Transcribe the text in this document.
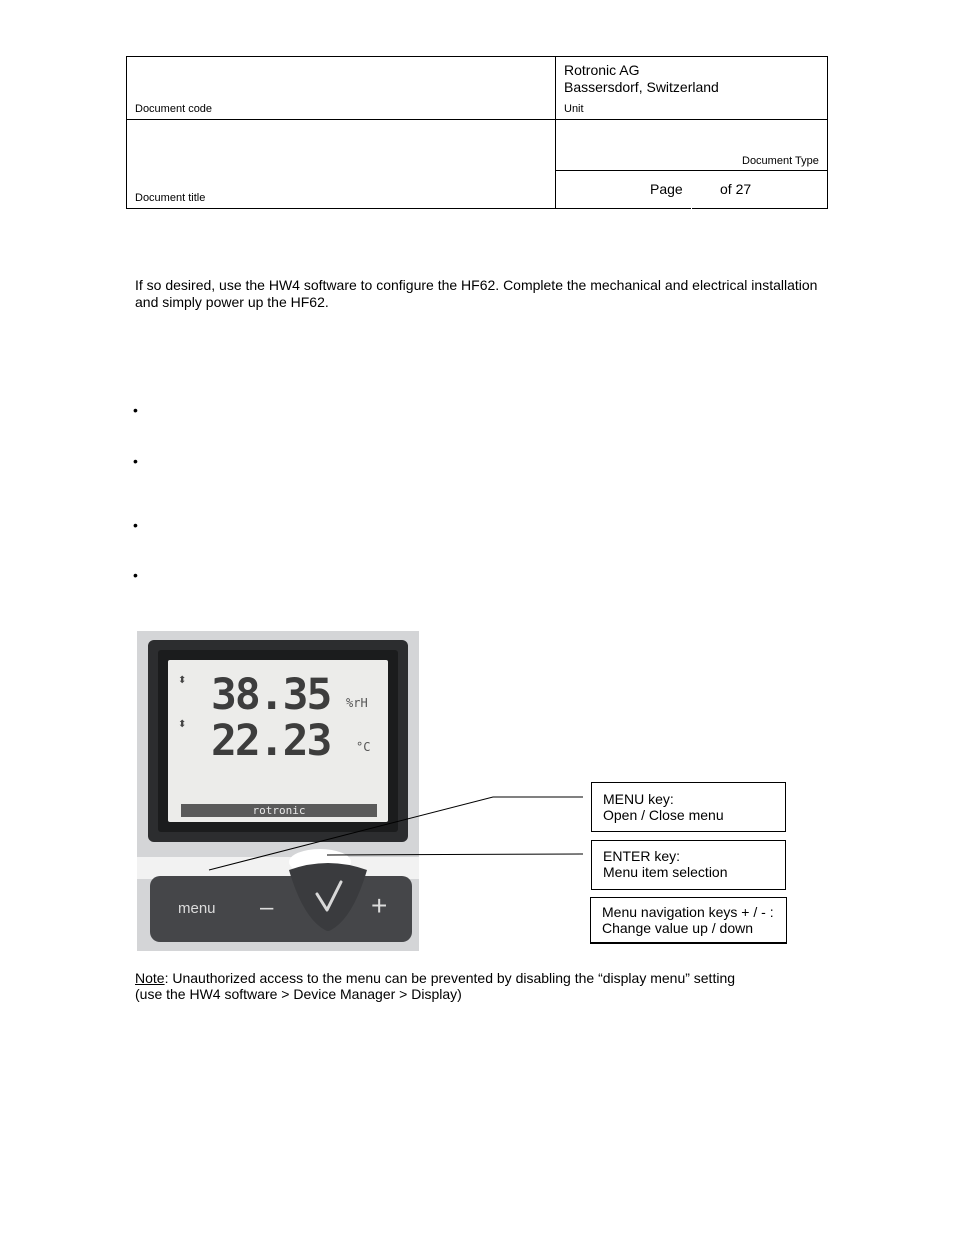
Document code
Rotronic AG
Bassersdorf, Switzerland
Unit
Document Type
Document title
Page	of 27
If so desired, use the HW4 software to configure the HF62. Complete the mechanical and electrical installation
and simply power up the HF62.
•
•
•
•
⬍ 38.35 %rH
⬍ 22.23 °C
rotronic
menu –	+
MENU key:
Open / Close menu
ENTER key:
Menu item selection
Menu navigation keys + / - :
Change value up / down
Note: Unauthorized access to the menu can be prevented by disabling the “display menu” setting
(use the HW4 software > Device Manager > Display)
